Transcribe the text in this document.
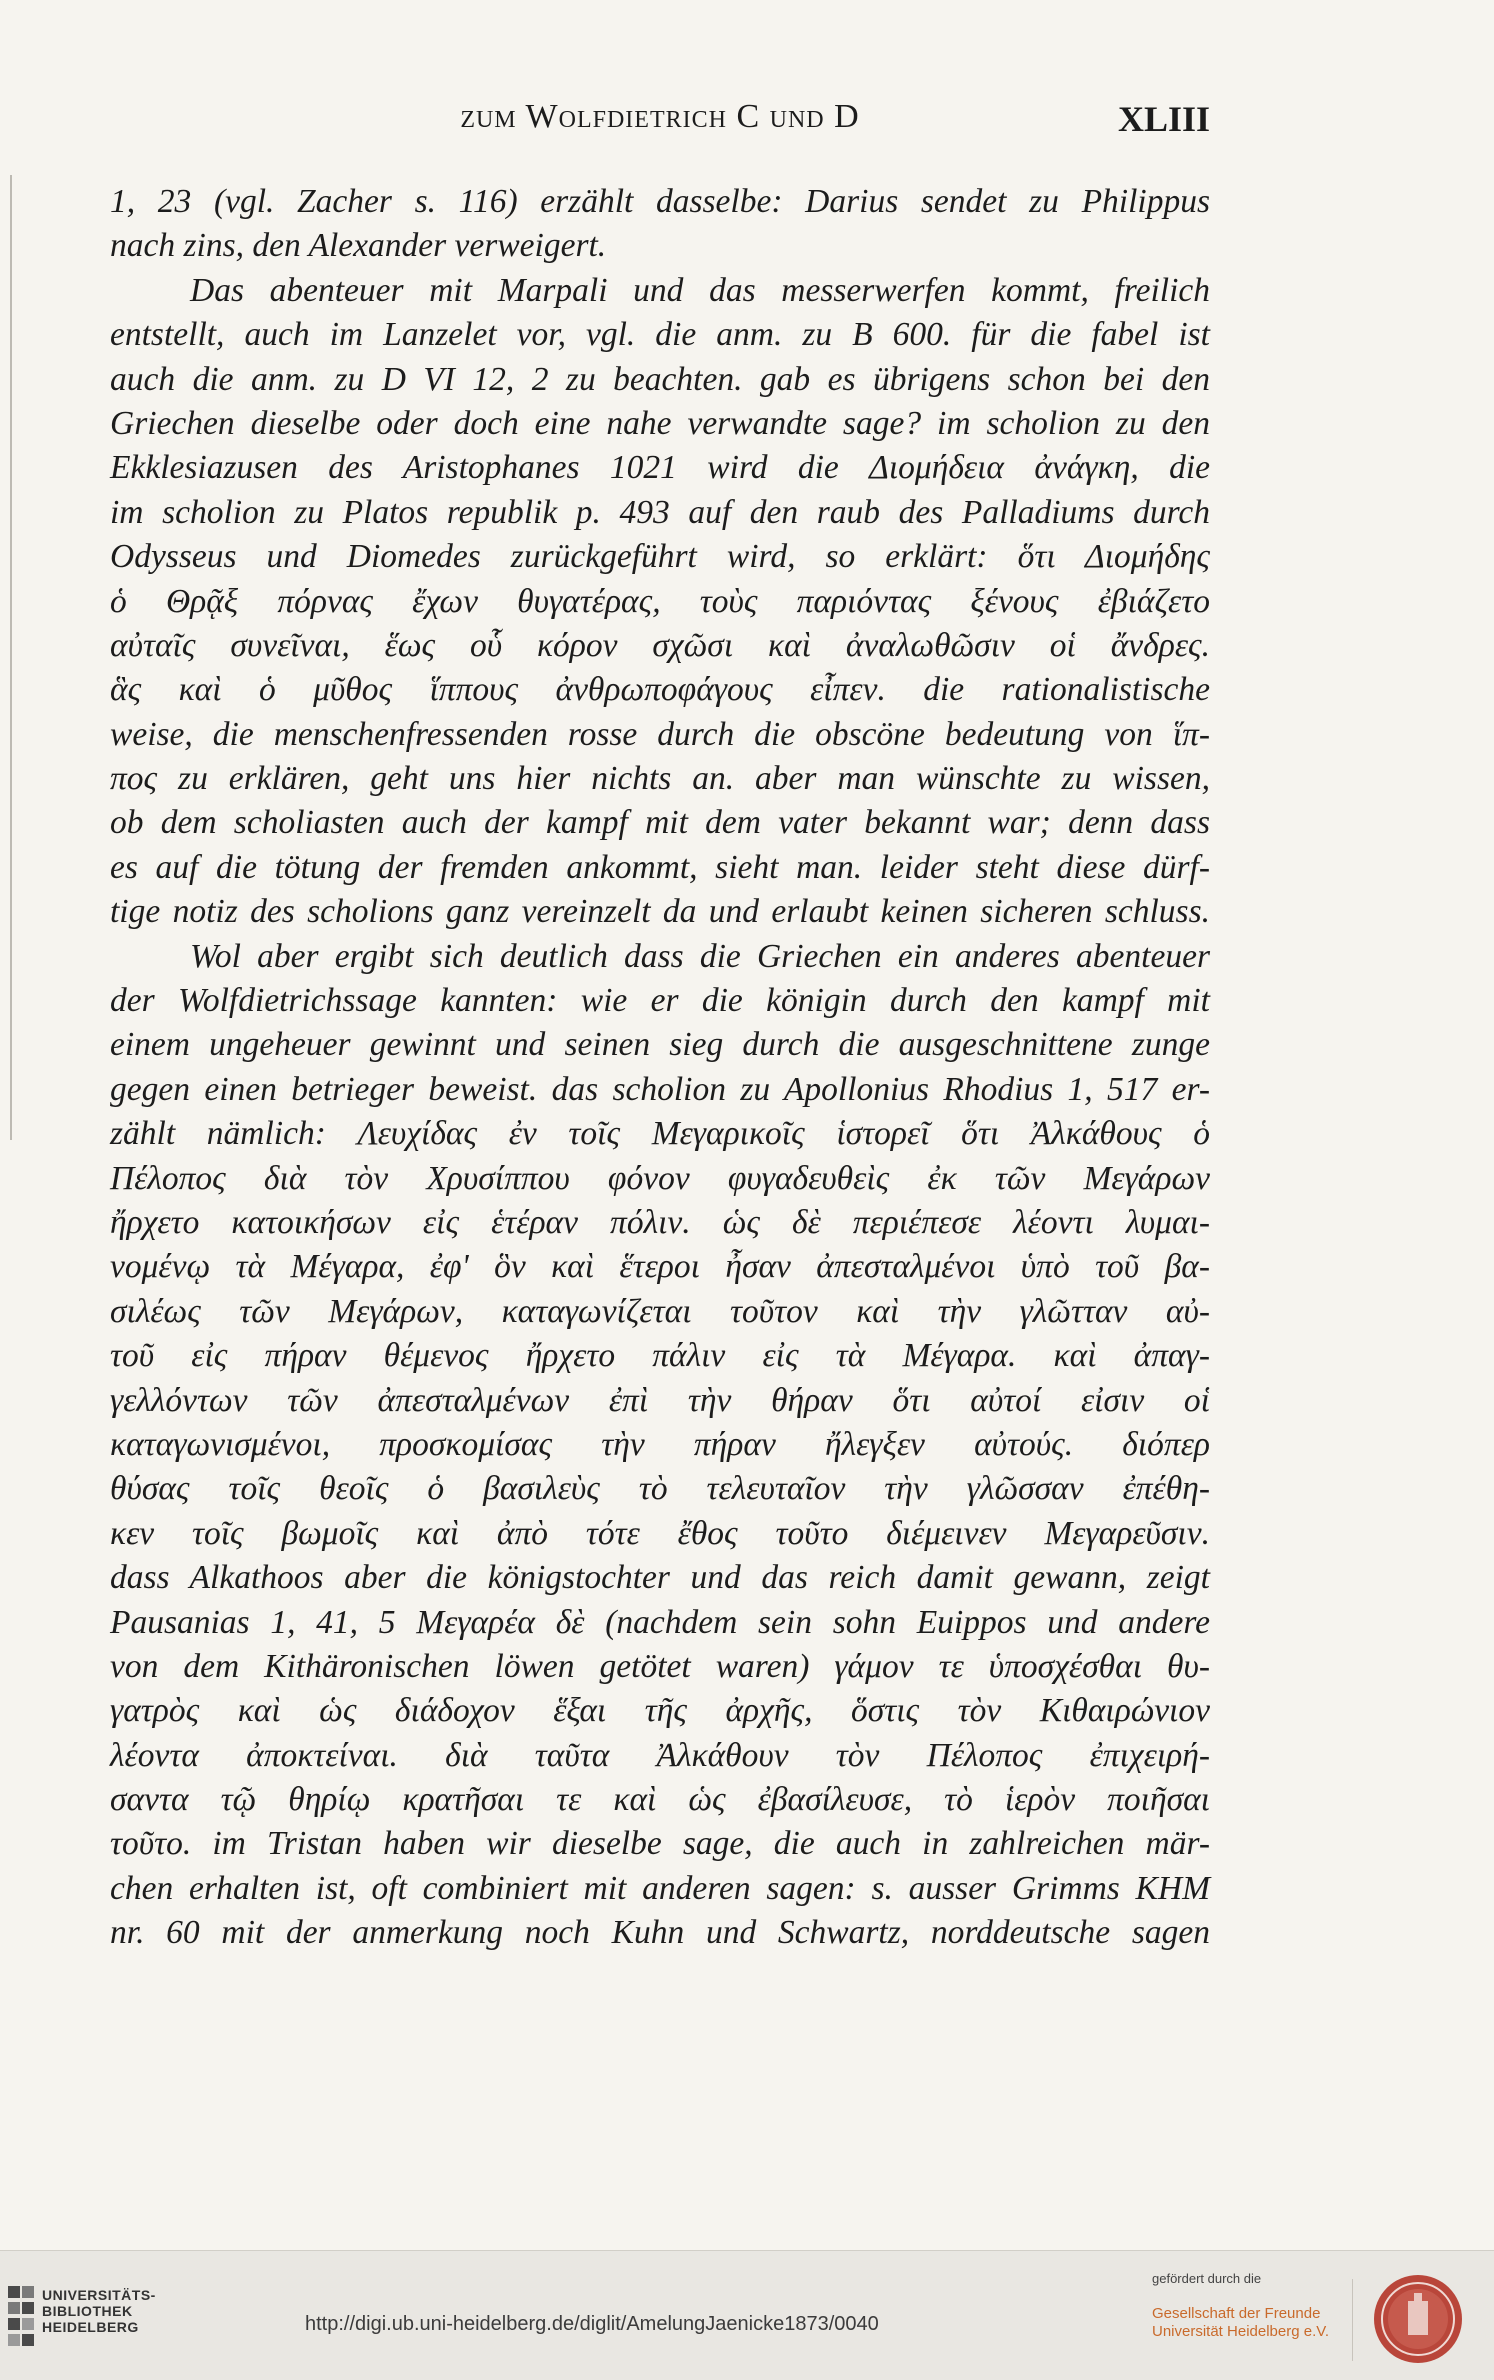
zum Wolfdietrich C und D	XLIII
1, 23 (vgl. Zacher s. 116) erzählt dasselbe: Darius sendet zu Philippus
nach zins, den Alexander verweigert.
Das abenteuer mit Marpali und das messerwerfen kommt, freilich
entstellt, auch im Lanzelet vor, vgl. die anm. zu B 600. für die fabel ist
auch die anm. zu D VI 12, 2 zu beachten. gab es übrigens schon bei den
Griechen dieselbe oder doch eine nahe verwandte sage? im scholion zu den
Ekklesiazusen des Aristophanes 1021 wird die Διομήδεια ἀνάγκη, die
im scholion zu Platos republik p. 493 auf den raub des Palladiums durch
Odysseus und Diomedes zurückgeführt wird, so erklärt: ὅτι Διομήδης
ὁ Θρᾷξ πόρνας ἔχων θυγατέρας, τοὺς παριόντας ξένους ἐβιάζετο
αὐταῖς συνεῖναι, ἕως οὗ κόρον σχῶσι καὶ ἀναλωθῶσιν οἱ ἄνδρες.
ἃς καὶ ὁ μῦθος ἵππους ἀνθρωποφάγους εἶπεν. die rationalistische
weise, die menschenfressenden rosse durch die obscöne bedeutung von ἵπ-
πος zu erklären, geht uns hier nichts an. aber man wünschte zu wissen,
ob dem scholiasten auch der kampf mit dem vater bekannt war; denn dass
es auf die tötung der fremden ankommt, sieht man. leider steht diese dürf-
tige notiz des scholions ganz vereinzelt da und erlaubt keinen sicheren schluss.
Wol aber ergibt sich deutlich dass die Griechen ein anderes abenteuer
der Wolfdietrichssage kannten: wie er die königin durch den kampf mit
einem ungeheuer gewinnt und seinen sieg durch die ausgeschnittene zunge
gegen einen betrieger beweist. das scholion zu Apollonius Rhodius 1, 517 er-
zählt nämlich: Λευχίδας ἐν τοῖς Μεγαρικοῖς ἱστορεῖ ὅτι Ἀλκάθους ὁ
Πέλοπος διὰ τὸν Χρυσίππου φόνον φυγαδευθεὶς ἐκ τῶν Μεγάρων
ἤρχετο κατοικήσων εἰς ἑτέραν πόλιν. ὡς δὲ περιέπεσε λέοντι λυμαι-
νομένῳ τὰ Μέγαρα, ἐφ' ὃν καὶ ἕτεροι ἦσαν ἀπεσταλμένοι ὑπὸ τοῦ βα-
σιλέως τῶν Μεγάρων, καταγωνίζεται τοῦτον καὶ τὴν γλῶτταν αὐ-
τοῦ εἰς πήραν θέμενος ἤρχετο πάλιν εἰς τὰ Μέγαρα. καὶ ἀπαγ-
γελλόντων τῶν ἀπεσταλμένων ἐπὶ τὴν θήραν ὅτι αὐτοί εἰσιν οἱ
καταγωνισμένοι, προσκομίσας τὴν πήραν ἤλεγξεν αὐτούς. διόπερ
θύσας τοῖς θεοῖς ὁ βασιλεὺς τὸ τελευταῖον τὴν γλῶσσαν ἐπέθη-
κεν τοῖς βωμοῖς καὶ ἀπὸ τότε ἔθος τοῦτο διέμεινεν Μεγαρεῦσιν.
dass Alkathoos aber die königstochter und das reich damit gewann, zeigt
Pausanias 1, 41, 5 Μεγαρέα δὲ (nachdem sein sohn Euippos und andere
von dem Kithäronischen löwen getötet waren) γάμον τε ὑποσχέσθαι θυ-
γατρὸς καὶ ὡς διάδοχον ἕξαι τῆς ἀρχῆς, ὅστις τὸν Κιθαιρώνιον
λέοντα ἀποκτείναι. διὰ ταῦτα Ἀλκάθουν τὸν Πέλοπος ἐπιχειρή-
σαντα τῷ θηρίῳ κρατῆσαι τε καὶ ὡς ἐβασίλευσε, τὸ ἱερὸν ποιῆσαι
τοῦτο. im Tristan haben wir dieselbe sage, die auch in zahlreichen mär-
chen erhalten ist, oft combiniert mit anderen sagen: s. ausser Grimms KHM
nr. 60 mit der anmerkung noch Kuhn und Schwartz, norddeutsche sagen
UNIVERSITÄTS-
BIBLIOTHEK
HEIDELBERG	http://digi.ub.uni-heidelberg.de/diglit/AmelungJaenicke1873/0040
gefördert durch die
Gesellschaft der Freunde
Universität Heidelberg e.V.
